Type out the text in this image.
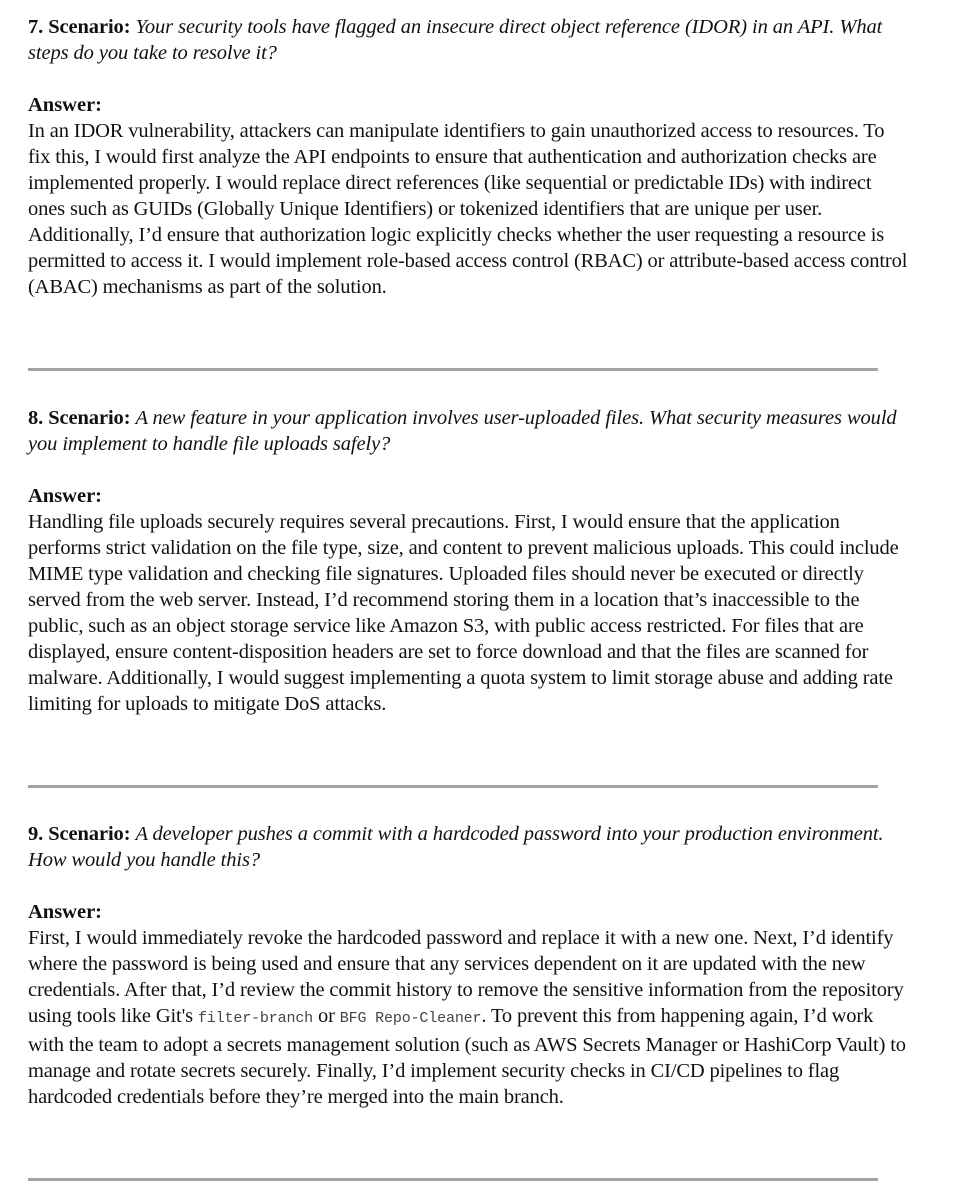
7. Scenario: Your security tools have flagged an insecure direct object reference (IDOR) in an API. What steps do you take to resolve it?

Answer:

In an IDOR vulnerability, attackers can manipulate identifiers to gain unauthorized access to resources. To fix this, I would first analyze the API endpoints to ensure that authentication and authorization checks are implemented properly. I would replace direct references (like sequential or predictable IDs) with indirect ones such as GUIDs (Globally Unique Identifiers) or tokenized identifiers that are unique per user. Additionally, I’d ensure that authorization logic explicitly checks whether the user requesting a resource is permitted to access it. I would implement role-based access control (RBAC) or attribute-based access control (ABAC) mechanisms as part of the solution.

8. Scenario: A new feature in your application involves user-uploaded files. What security measures would you implement to handle file uploads safely?

Answer:

Handling file uploads securely requires several precautions. First, I would ensure that the application performs strict validation on the file type, size, and content to prevent malicious uploads. This could include MIME type validation and checking file signatures. Uploaded files should never be executed or directly served from the web server. Instead, I’d recommend storing them in a location that’s inaccessible to the public, such as an object storage service like Amazon S3, with public access restricted. For files that are displayed, ensure content-disposition headers are set to force download and that the files are scanned for malware. Additionally, I would suggest implementing a quota system to limit storage abuse and adding rate limiting for uploads to mitigate DoS attacks.

9. Scenario: A developer pushes a commit with a hardcoded password into your production environment. How would you handle this?

Answer:

First, I would immediately revoke the hardcoded password and replace it with a new one. Next, I’d identify where the password is being used and ensure that any services dependent on it are updated with the new credentials. After that, I’d review the commit history to remove the sensitive information from the repository using tools like Git's filter-branch or BFG Repo-Cleaner. To prevent this from happening again, I’d work with the team to adopt a secrets management solution (such as AWS Secrets Manager or HashiCorp Vault) to manage and rotate secrets securely. Finally, I’d implement security checks in CI/CD pipelines to flag hardcoded credentials before they’re merged into the main branch.
